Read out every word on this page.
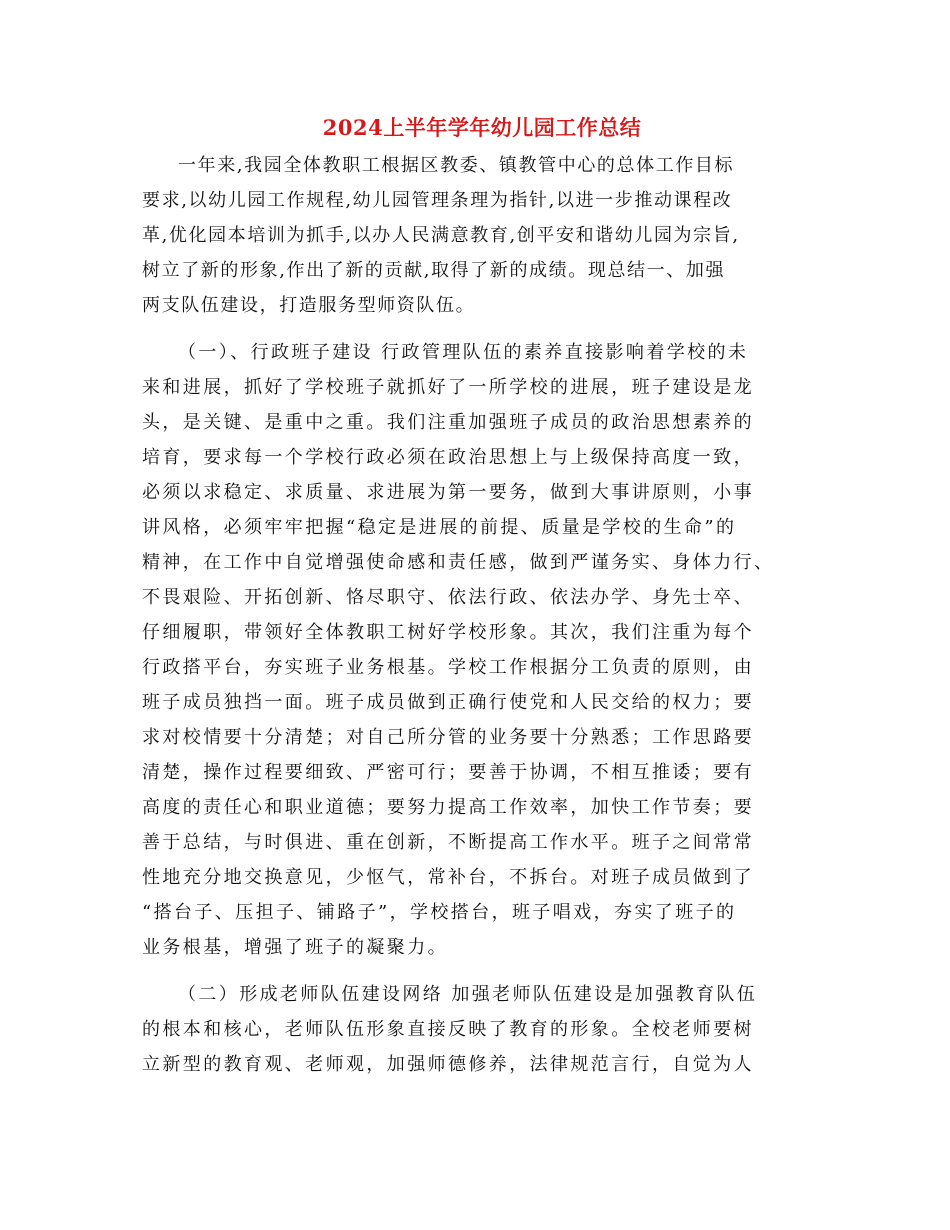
2024上半年学年幼儿园工作总结

一年来,我园全体教职工根据区教委、镇教管中心的总体工作目标
要求,以幼儿园工作规程,幼儿园管理条理为指针,以进一步推动课程改
革,优化园本培训为抓手,以办人民满意教育,创平安和谐幼儿园为宗旨,
树立了新的形象,作出了新的贡献,取得了新的成绩。现总结一、加强
两支队伍建设，打造服务型师资队伍。

（一）、行政班子建设 行政管理队伍的素养直接影响着学校的未
来和进展，抓好了学校班子就抓好了一所学校的进展，班子建设是龙
头，是关键、是重中之重。我们注重加强班子成员的政治思想素养的
培育，要求每一个学校行政必须在政治思想上与上级保持高度一致，
必须以求稳定、求质量、求进展为第一要务，做到大事讲原则，小事
讲风格，必须牢牢把握“稳定是进展的前提、质量是学校的生命”的
精神，在工作中自觉增强使命感和责任感，做到严谨务实、身体力行、
不畏艰险、开拓创新、恪尽职守、依法行政、依法办学、身先士卒、
仔细履职，带领好全体教职工树好学校形象。其次，我们注重为每个
行政搭平台，夯实班子业务根基。学校工作根据分工负责的原则，由
班子成员独挡一面。班子成员做到正确行使党和人民交给的权力；要
求对校情要十分清楚；对自己所分管的业务要十分熟悉；工作思路要
清楚，操作过程要细致、严密可行；要善于协调，不相互推诿；要有
高度的责任心和职业道德；要努力提高工作效率，加快工作节奏；要
善于总结，与时俱进、重在创新，不断提高工作水平。班子之间常常
性地充分地交换意见，少怄气，常补台，不拆台。对班子成员做到了
“搭台子、压担子、铺路子”，学校搭台，班子唱戏，夯实了班子的
业务根基，增强了班子的凝聚力。

（二）形成老师队伍建设网络 加强老师队伍建设是加强教育队伍
的根本和核心，老师队伍形象直接反映了教育的形象。全校老师要树
立新型的教育观、老师观，加强师德修养，法律规范言行，自觉为人
